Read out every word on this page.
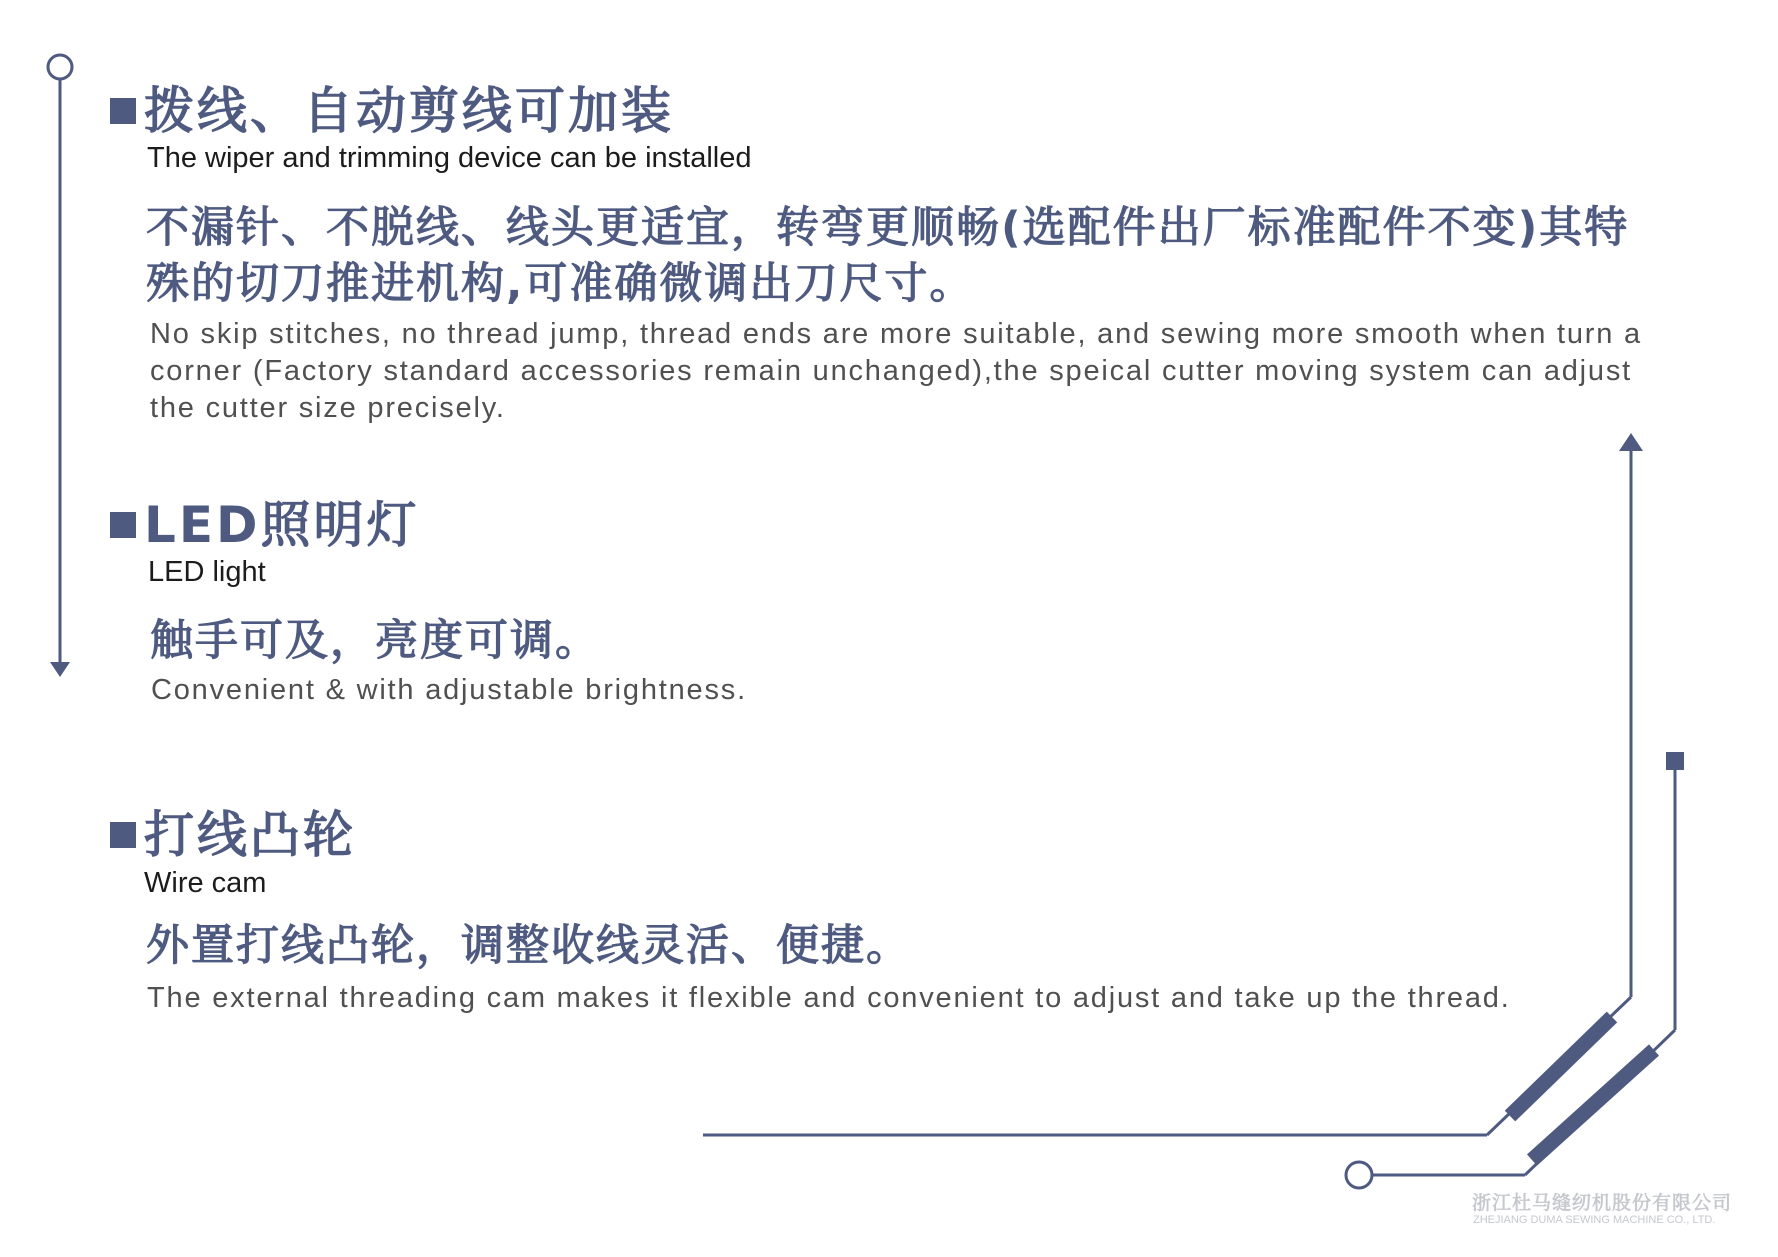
拨线、自动剪线可加装
The wiper and trimming device can be installed
不漏针、不脱线、线头更适宜，转弯更顺畅(选配件出厂标准配件不变)其特
殊的切刀推进机构,可准确微调出刀尺寸。
No skip stitches, no thread jump, thread ends are more suitable, and sewing more smooth when turn a
corner (Factory standard accessories remain unchanged),the speical cutter moving system can adjust
the cutter size precisely.
LED照明灯
LED light
触手可及，亮度可调。
Convenient & with adjustable brightness.
打线凸轮
Wire cam
外置打线凸轮，调整收线灵活、便捷。
The external threading cam makes it flexible and convenient to adjust and take up the thread.
浙江杜马缝纫机股份有限公司
ZHEJIANG DUMA SEWING MACHINE CO., LTD.
